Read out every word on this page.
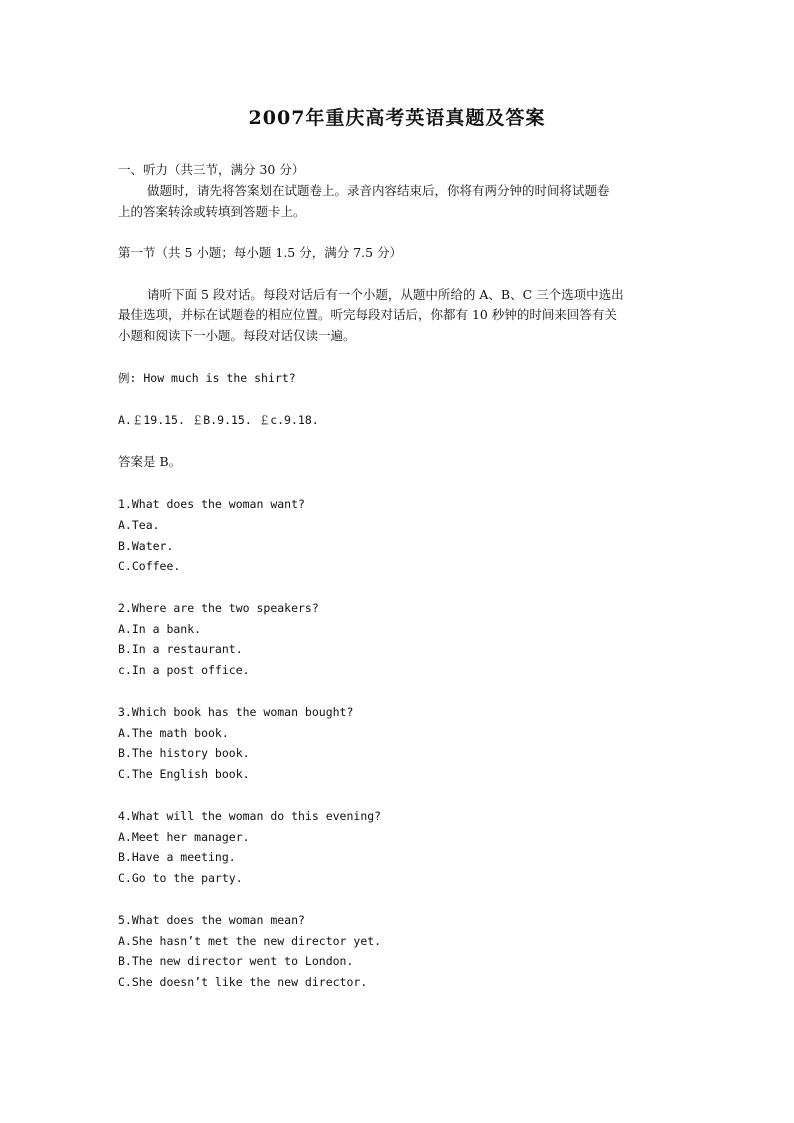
2007年重庆高考英语真题及答案
一、听力（共三节，满分 30 分）
做题时，请先将答案划在试题卷上。录音内容结束后，你将有两分钟的时间将试题卷
上的答案转涂或转填到答题卡上。
第一节（共 5 小题；每小题 1.5 分，满分 7.5 分）
请听下面 5 段对话。每段对话后有一个小题，从题中所给的 A、B、C 三个选项中选出
最佳选项，并标在试题卷的相应位置。听完每段对话后，你都有 10 秒钟的时间来回答有关
小题和阅读下一小题。每段对话仅读一遍。
例: How much is the shirt?
A.￡19.15. ￡B.9.15. ￡c.9.18.
答案是 B。
1.What does the woman want?
A.Tea.
B.Water.
C.Coffee.
2.Where are the two speakers?
A.In a bank.
B.In a restaurant.
c.In a post office.
3.Which book has the woman bought?
A.The math book.
B.The history book.
C.The English book.
4.What will the woman do this evening?
A.Meet her manager.
B.Have a meeting.
C.Go to the party.
5.What does the woman mean?
A.She hasn’t met the new director yet.
B.The new director went to London.
C.She doesn’t like the new director.
